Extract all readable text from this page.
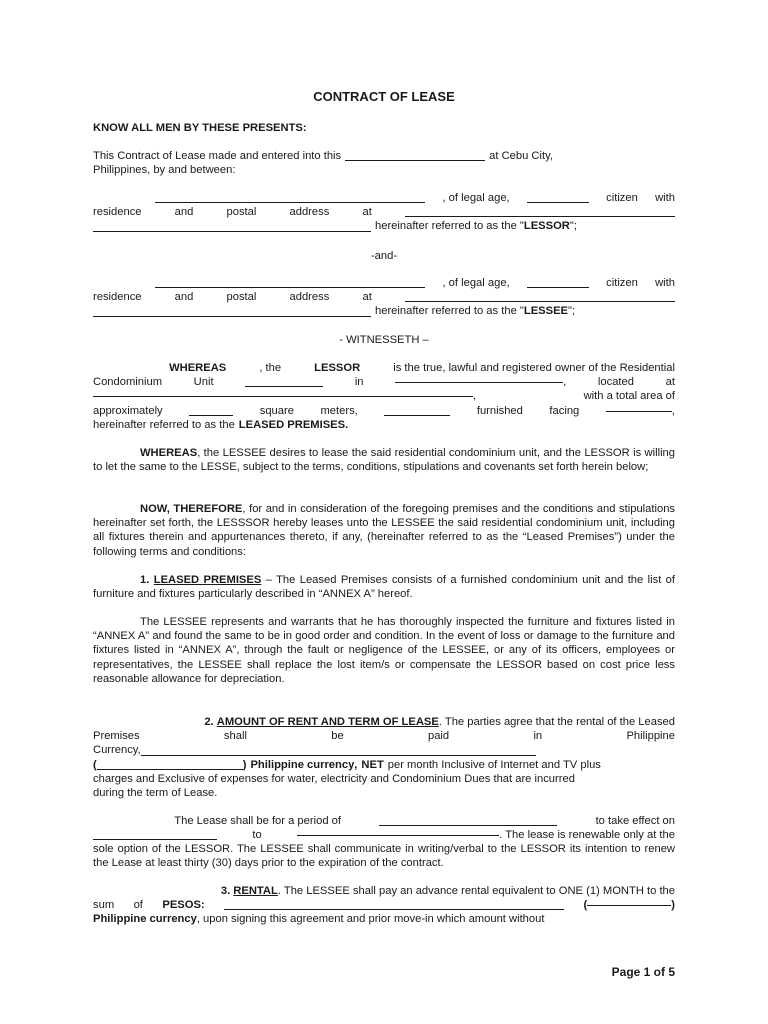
CONTRACT OF LEASE
KNOW ALL MEN BY THESE PRESENTS:
This Contract of Lease made and entered into this	at Cebu City,
Philippines, by and between:
, of legal age,	citizen with
residence	and	postal	address	at
hereinafter referred to as the " LESSOR ";
-and-
, of legal age,	citizen with
residence	and	postal	address	at
hereinafter referred to as the " LESSEE ";
- WITNESSETH –
WHEREAS	, the	LESSOR	is the true, lawful and registered owner of the Residential
Condominium	Unit	in	,	located	at
,	with a total area of
approximately	square meters,	furnished facing	,
hereinafter referred to as the LEASED PREMISES.
WHEREAS, the LESSEE desires to lease the said residential condominium unit, and the LESSOR is willing to let the same to the LESSE, subject to the terms, conditions, stipulations and covenants set forth herein below;
NOW, THEREFORE, for and in consideration of the foregoing premises and the conditions and stipulations hereinafter set forth, the LESSSOR hereby leases unto the LESSEE the said residential condominium unit, including all fixtures therein and appurtenances thereto, if any, (hereinafter referred to as the “Leased Premises”) under the following terms and conditions:
1. LEASED PREMISES – The Leased Premises consists of a furnished condominium unit and the list of furniture and fixtures particularly described in “ANNEX A” hereof.
The LESSEE represents and warrants that he has thoroughly inspected the furniture and fixtures listed in “ANNEX A” and found the same to be in good order and condition. In the event of loss or damage to the furniture and fixtures listed in “ANNEX A”, through the fault or negligence of the LESSEE, or any of its officers, employees or representatives, the LESSEE shall replace the lost item/s or compensate the LESSOR based on cost price less reasonable allowance for depreciation.
2. AMOUNT OF RENT AND TERM OF LEASE. The parties agree that the rental of the Leased
Premises	shall	be	paid	in	Philippine
Currency,
(	) Philippine currency , NET per month Inclusive of Internet and TV plus
charges and Exclusive of expenses for water, electricity and Condominium Dues that are incurred
during the term of Lease.
The Lease shall be for a period of	to take effect on
to	. The lease is renewable only at the
sole option of the LESSOR. The LESSEE shall communicate in writing/verbal to the LESSOR its intention to renew the Lease at least thirty (30) days prior to the expiration of the contract.
3. RENTAL. The LESSEE shall pay an advance rental equivalent to ONE (1) MONTH to the
sum of PESOS:	(	)
Philippine currency, upon signing this agreement and prior move-in which amount without
Page 1 of 5
